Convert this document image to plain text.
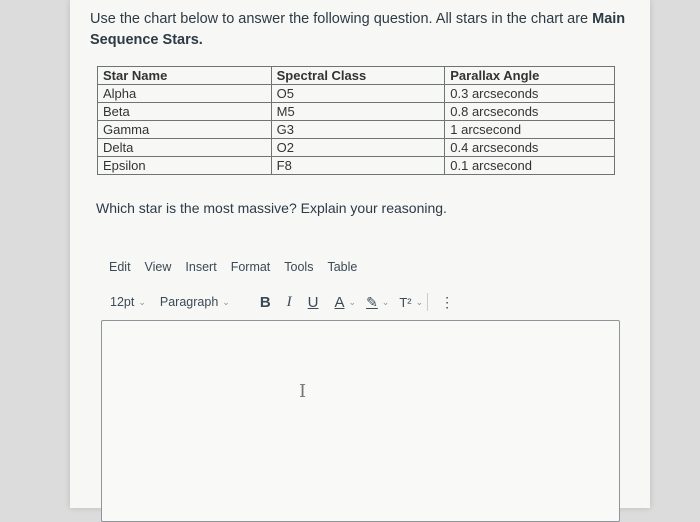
Use the chart below to answer the following question. All stars in the chart are Main Sequence Stars.
Star Name	Spectral Class	Parallax Angle
Alpha	O5	0.3 arcseconds
Beta	M5	0.8 arcseconds
Gamma	G3	1 arcsecond
Delta	O2	0.4 arcseconds
Epsilon	F8	0.1 arcsecond
Which star is the most massive? Explain your reasoning.
Edit View Insert Format Tools Table
12pt ⌄ Paragraph ⌄ B I U A ⌄ ✎ ⌄ T² ⌄ ⋮
I
